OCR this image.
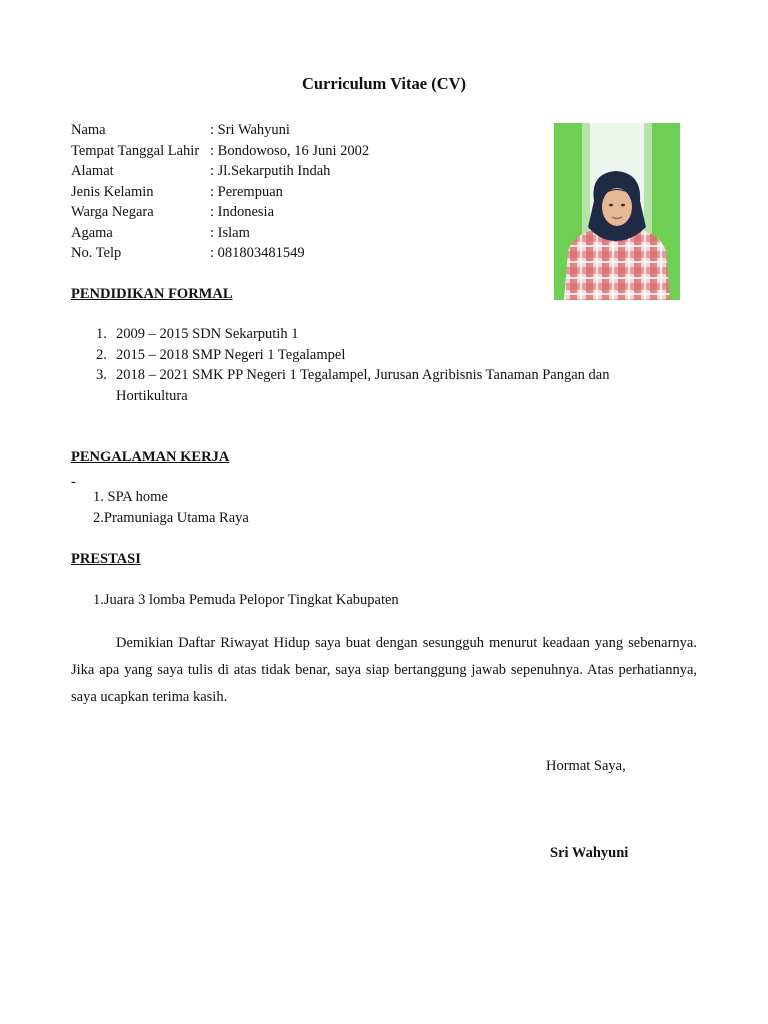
Curriculum Vitae (CV)
Nama	: Sri Wahyuni
Tempat Tanggal Lahir : Bondowoso, 16 Juni 2002
Alamat	: Jl.Sekarputih Indah
Jenis Kelamin	: Perempuan
Warga Negara	: Indonesia
Agama	: Islam
No. Telp	: 081803481549
PENDIDIKAN FORMAL
1. 2009 – 2015 SDN Sekarputih 1
2. 2015 – 2018 SMP Negeri 1 Tegalampel
3. 2018 – 2021 SMK PP Negeri 1 Tegalampel, Jurusan Agribisnis Tanaman Pangan dan Hortikultura
PENGALAMAN KERJA
-
1. SPA home
2.Pramuniaga Utama Raya
PRESTASI
1.Juara 3 lomba Pemuda Pelopor Tingkat Kabupaten
Demikian Daftar Riwayat Hidup saya buat dengan sesungguh menurut keadaan yang sebenarnya. Jika apa yang saya tulis di atas tidak benar, saya siap bertanggung jawab sepenuhnya. Atas perhatiannya, saya ucapkan terima kasih.
Hormat Saya,
Sri Wahyuni
